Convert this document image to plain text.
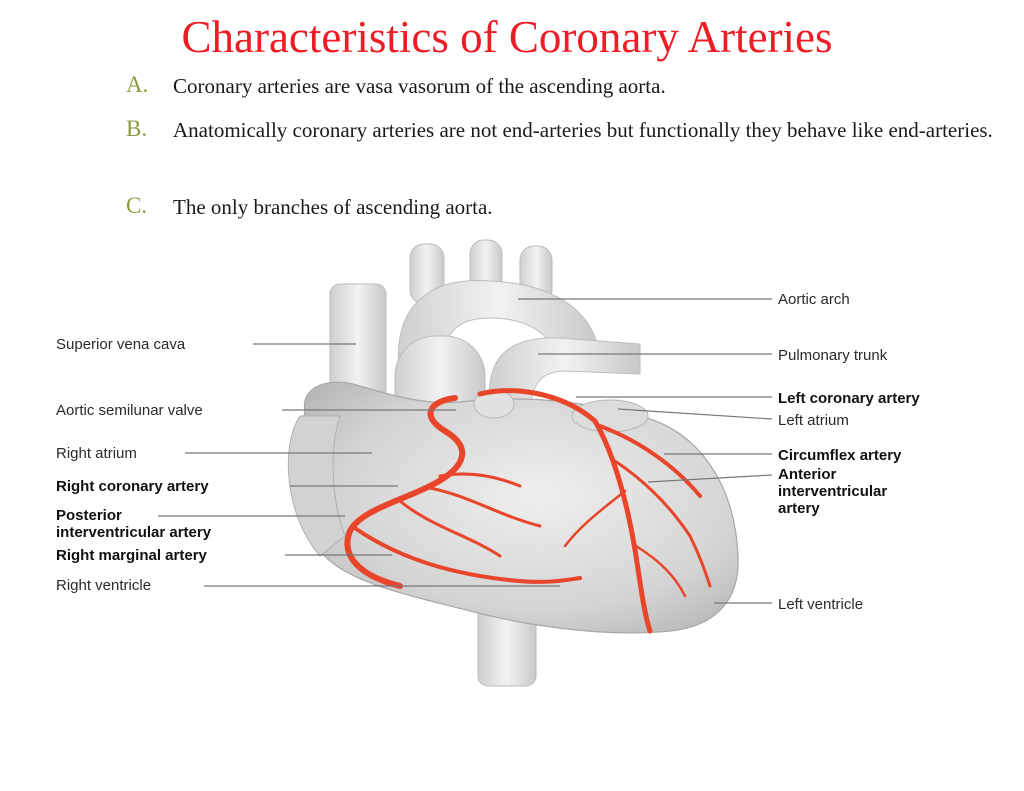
Characteristics of Coronary Arteries
A.	Coronary arteries are vasa vasorum of the ascending aorta.
B.	Anatomically coronary arteries are not end-arteries but functionally they behave like end-arteries.
C.	The only branches of ascending aorta.
Superior vena cava
Aortic semilunar valve
Right atrium
Right coronary artery
Posterior
interventricular artery
Right marginal artery
Right ventricle
Aortic arch
Pulmonary trunk
Left coronary artery
Left atrium
Circumflex artery
Anterior
interventricular
artery
Left ventricle
